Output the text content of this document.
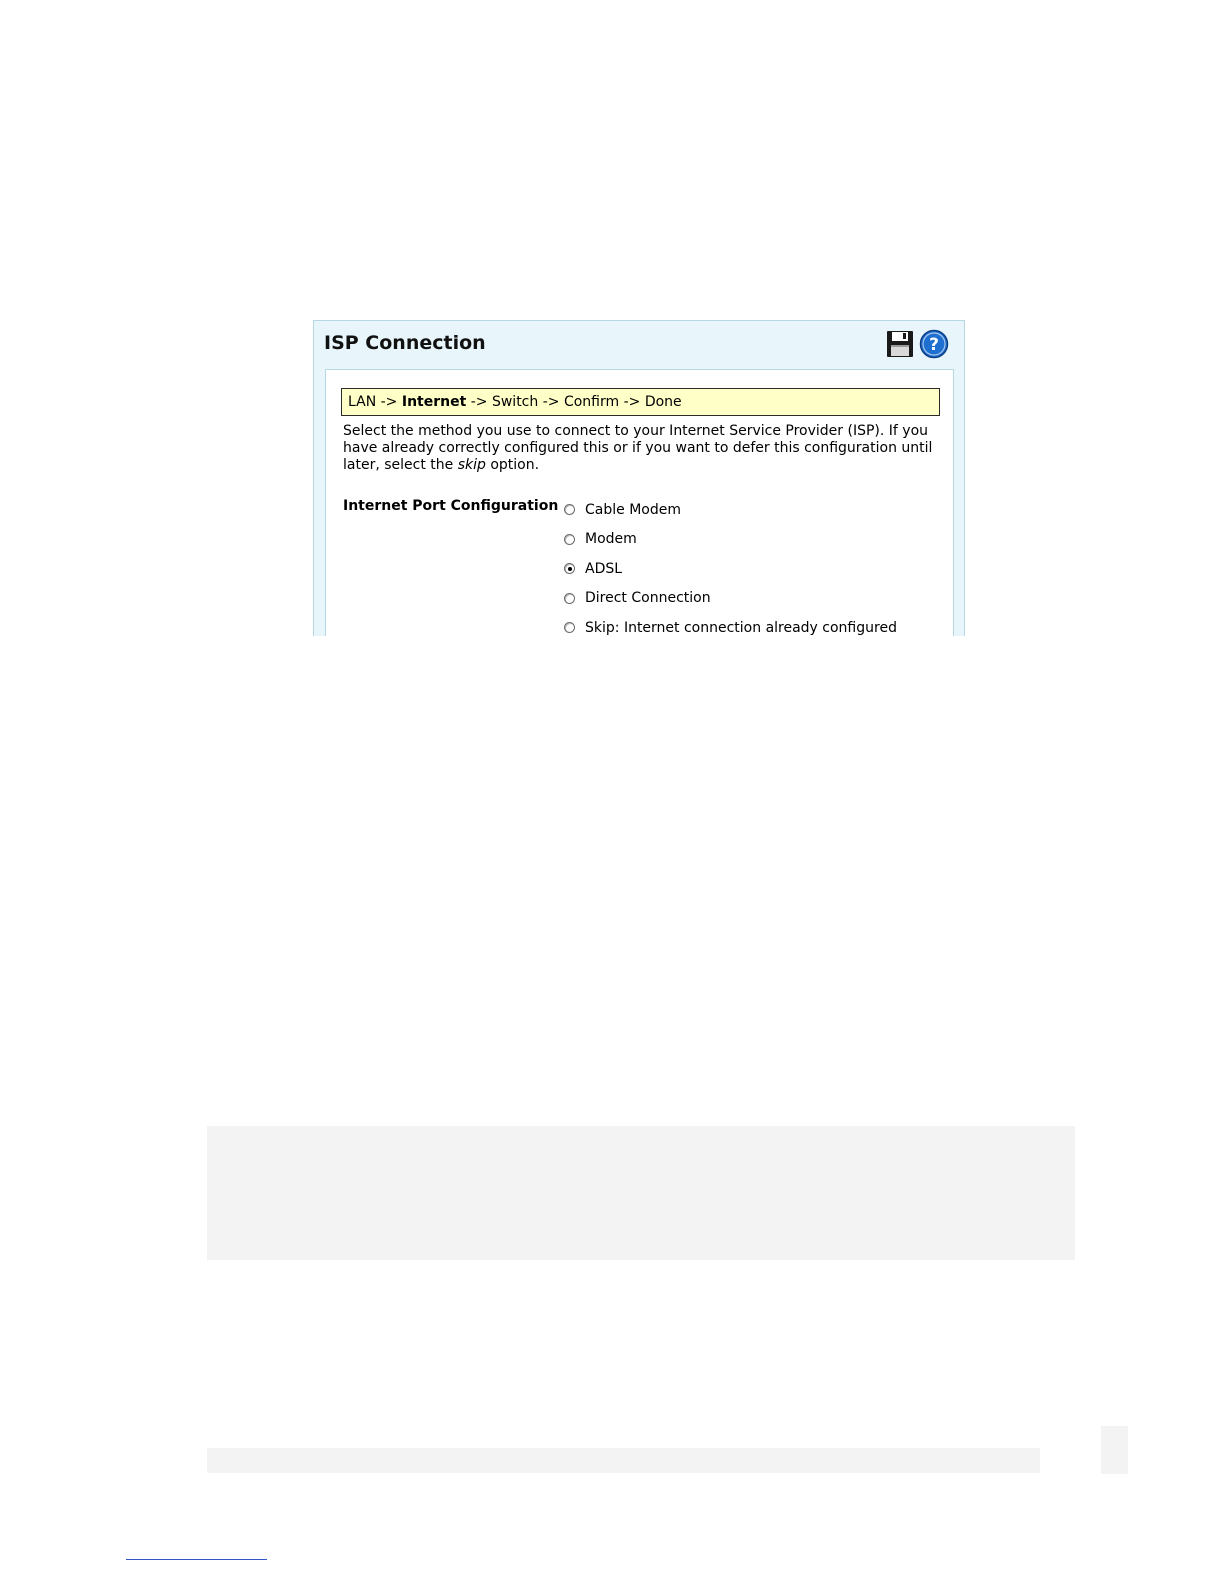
ISP Connection	?
LAN -> Internet -> Switch -> Confirm -> Done
Select the method you use to connect to your Internet Service Provider (ISP). If you have already correctly configured this or if you want to defer this configuration until later, select the skip option.
Internet Port Configuration Cable Modem
Modem
ADSL
Direct Connection
Skip: Internet connection already configured
